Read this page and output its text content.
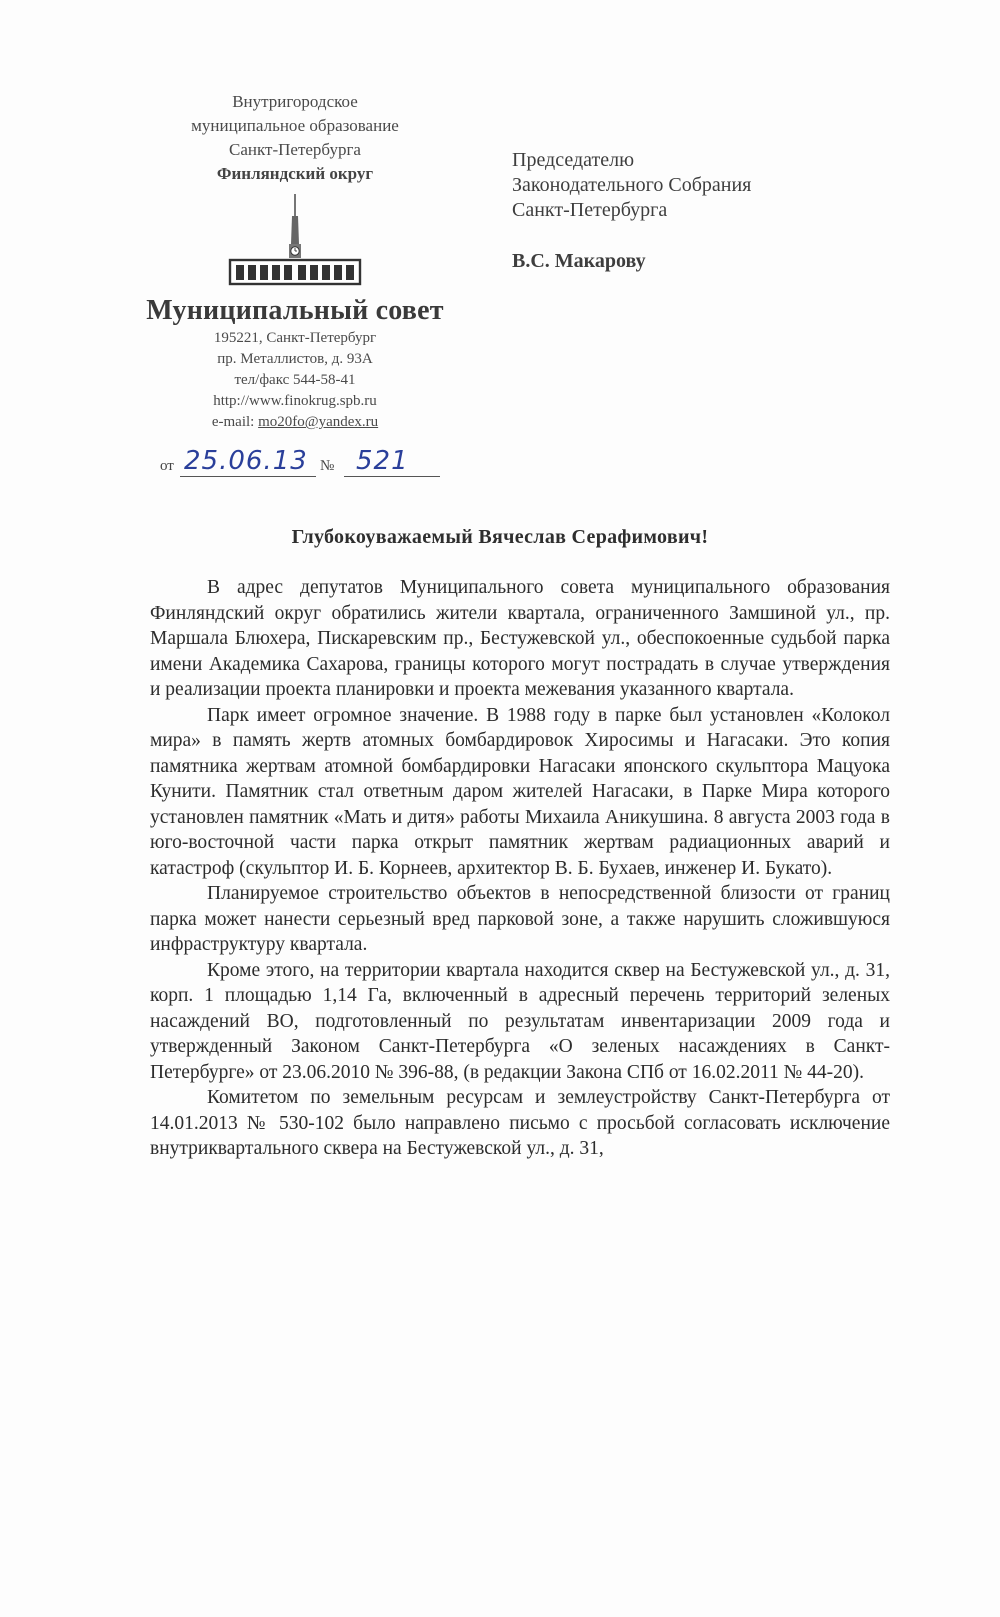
Внутригородское
муниципальное образование
Санкт-Петербурга
Финляндский округ
Муниципальный совет
195221, Санкт-Петербург
пр. Металлистов, д. 93А
тел/факс 544-58-41
http://www.finokrug.spb.ru
e-mail: mo20fo@yandex.ru
от 25.06.13 № 521
Председателю
Законодательного Собрания
Санкт-Петербурга
В.С. Макарову
Глубокоуважаемый Вячеслав Серафимович!

В адрес депутатов Муниципального совета муниципального образования Финляндский округ обратились жители квартала, ограниченного Замшиной ул., пр. Маршала Блюхера, Пискаревским пр., Бестужевской ул., обеспокоенные судьбой парка имени Академика Сахарова, границы которого могут пострадать в случае утверждения и реализации проекта планировки и проекта межевания указанного квартала.

Парк имеет огромное значение. В 1988 году в парке был установлен «Колокол мира» в память жертв атомных бомбардировок Хиросимы и Нагасаки. Это копия памятника жертвам атомной бомбардировки Нагасаки японского скульптора Мацуока Кунити. Памятник стал ответным даром жителей Нагасаки, в Парке Мира которого установлен памятник «Мать и дитя» работы Михаила Аникушина. 8 августа 2003 года в юго-восточной части парка открыт памятник жертвам радиационных аварий и катастроф (скульптор И. Б. Корнеев, архитектор В. Б. Бухаев, инженер И. Букато).

Планируемое строительство объектов в непосредственной близости от границ парка может нанести серьезный вред парковой зоне, а также нарушить сложившуюся инфраструктуру квартала.

Кроме этого, на территории квартала находится сквер на Бестужевской ул., д. 31, корп. 1 площадью 1,14 Га, включенный в адресный перечень территорий зеленых насаждений ВО, подготовленный по результатам инвентаризации 2009 года и утвержденный Законом Санкт-Петербурга «О зеленых насаждениях в Санкт-Петербурге» от 23.06.2010 № 396-88, (в редакции Закона СПб от 16.02.2011 № 44-20).

Комитетом по земельным ресурсам и землеустройству Санкт-Петербурга от 14.01.2013 № 530-102 было направлено письмо с просьбой согласовать исключение внутриквартального сквера на Бестужевской ул., д. 31,
